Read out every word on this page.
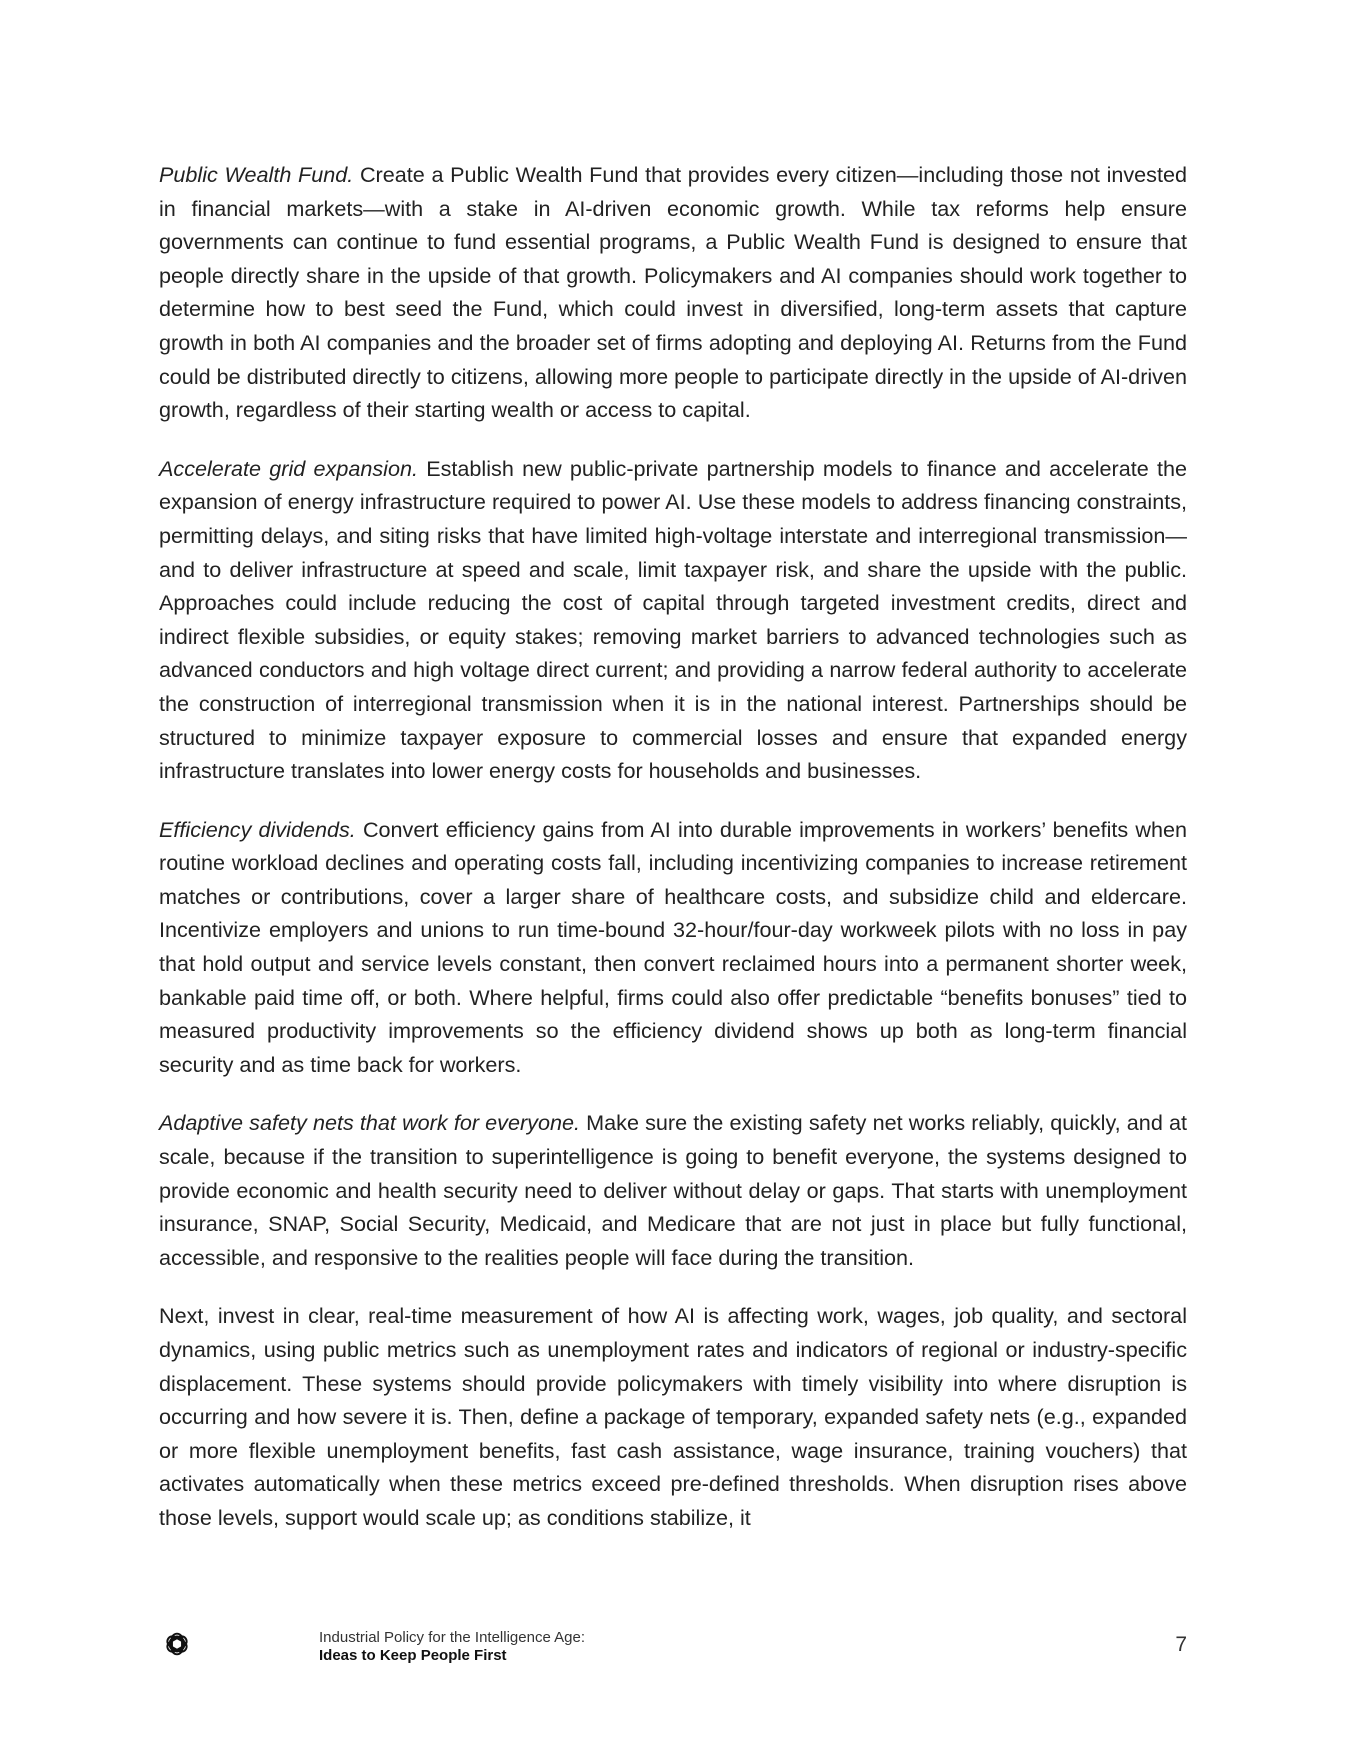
Public Wealth Fund. Create a Public Wealth Fund that provides every citizen—including those not invested in financial markets—with a stake in AI-driven economic growth. While tax reforms help ensure governments can continue to fund essential programs, a Public Wealth Fund is designed to ensure that people directly share in the upside of that growth. Policymakers and AI companies should work together to determine how to best seed the Fund, which could invest in diversified, long-term assets that capture growth in both AI companies and the broader set of firms adopting and deploying AI. Returns from the Fund could be distributed directly to citizens, allowing more people to participate directly in the upside of AI-driven growth, regardless of their starting wealth or access to capital.

Accelerate grid expansion. Establish new public-private partnership models to finance and accelerate the expansion of energy infrastructure required to power AI. Use these models to address financing constraints, permitting delays, and siting risks that have limited high-voltage interstate and interregional transmission—and to deliver infrastructure at speed and scale, limit taxpayer risk, and share the upside with the public. Approaches could include reducing the cost of capital through targeted investment credits, direct and indirect flexible subsidies, or equity stakes; removing market barriers to advanced technologies such as advanced conductors and high voltage direct current; and providing a narrow federal authority to accelerate the construction of interregional transmission when it is in the national interest. Partnerships should be structured to minimize taxpayer exposure to commercial losses and ensure that expanded energy infrastructure translates into lower energy costs for households and businesses.

Efficiency dividends. Convert efficiency gains from AI into durable improvements in workers’ benefits when routine workload declines and operating costs fall, including incentivizing companies to increase retirement matches or contributions, cover a larger share of healthcare costs, and subsidize child and eldercare. Incentivize employers and unions to run time-bound 32-hour/four-day workweek pilots with no loss in pay that hold output and service levels constant, then convert reclaimed hours into a permanent shorter week, bankable paid time off, or both. Where helpful, firms could also offer predictable “benefits bonuses” tied to measured productivity improvements so the efficiency dividend shows up both as long-term financial security and as time back for workers.

Adaptive safety nets that work for everyone. Make sure the existing safety net works reliably, quickly, and at scale, because if the transition to superintelligence is going to benefit everyone, the systems designed to provide economic and health security need to deliver without delay or gaps. That starts with unemployment insurance, SNAP, Social Security, Medicaid, and Medicare that are not just in place but fully functional, accessible, and responsive to the realities people will face during the transition.

Next, invest in clear, real-time measurement of how AI is affecting work, wages, job quality, and sectoral dynamics, using public metrics such as unemployment rates and indicators of regional or industry-specific displacement. These systems should provide policymakers with timely visibility into where disruption is occurring and how severe it is. Then, define a package of temporary, expanded safety nets (e.g., expanded or more flexible unemployment benefits, fast cash assistance, wage insurance, training vouchers) that activates automatically when these metrics exceed pre-defined thresholds. When disruption rises above those levels, support would scale up; as conditions stabilize, it

Industrial Policy for the Intelligence Age:
Ideas to Keep People First	7
